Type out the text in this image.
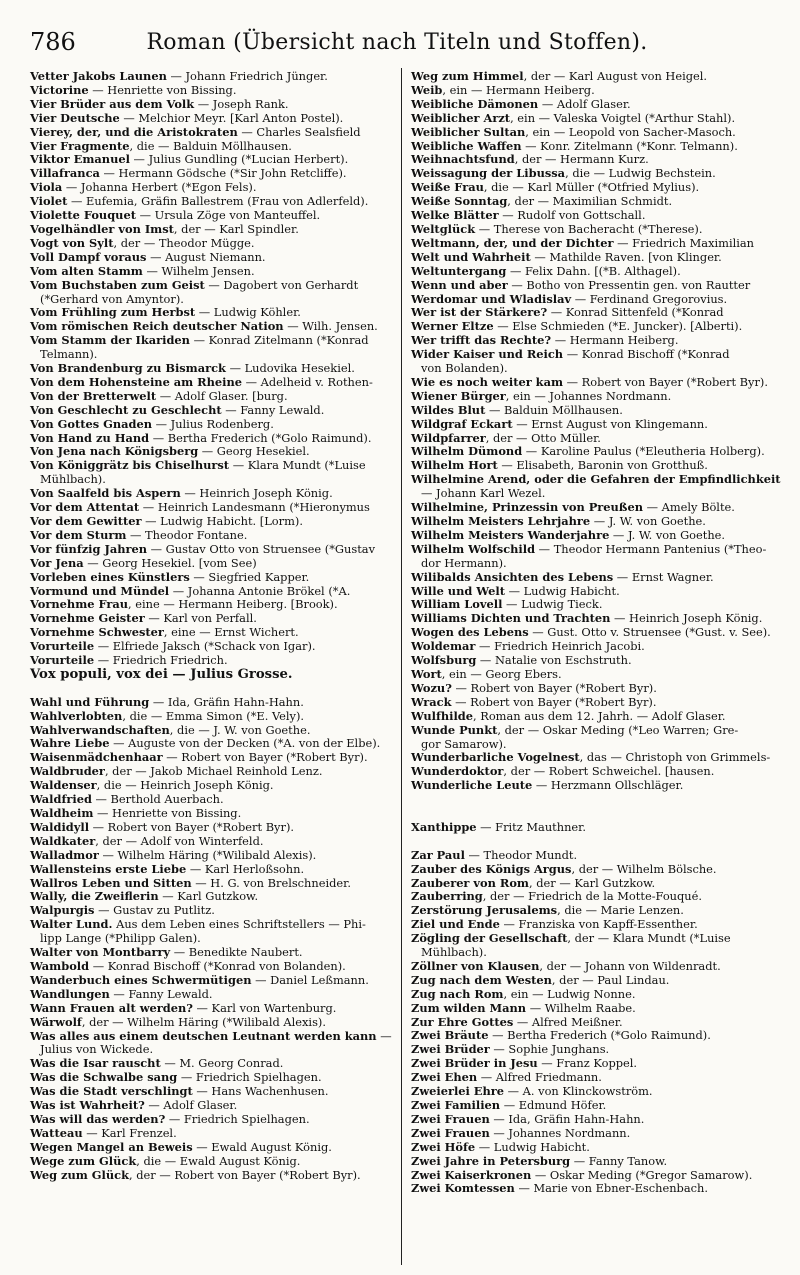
786	Roman (Übersicht nach Titeln und Stoffen).
Vetter Jakobs Launen — Johann Friedrich Jünger.
Victorine — Henriette von Bissing.
Vier Brüder aus dem Volk — Joseph Rank.
Vier Deutsche — Melchior Meyr. [Karl Anton Postel).
Vierey, der, und die Aristokraten — Charles Sealsfield
Vier Fragmente, die — Balduin Möllhausen.
Viktor Emanuel — Julius Gundling (*Lucian Herbert).
Villafranca — Hermann Gödsche (*Sir John Retcliffe).
Viola — Johanna Herbert (*Egon Fels).
Violet — Eufemia, Gräfin Ballestrem (Frau von Adlerfeld).
Violette Fouquet — Ursula Zöge von Manteuffel.
Vogelhändler von Imst, der — Karl Spindler.
Vogt von Sylt, der — Theodor Mügge.
Voll Dampf voraus — August Niemann.
Vom alten Stamm — Wilhelm Jensen.
Vom Buchstaben zum Geist — Dagobert von Gerhardt
(*Gerhard von Amyntor).
Vom Frühling zum Herbst — Ludwig Köhler.
Vom römischen Reich deutscher Nation — Wilh. Jensen.
Vom Stamm der Ikariden — Konrad Zitelmann (*Konrad
Telmann).
Von Brandenburg zu Bismarck — Ludovika Hesekiel.
Von dem Hohensteine am Rheine — Adelheid v. Rothen-
Von der Bretterwelt — Adolf Glaser. [burg.
Von Geschlecht zu Geschlecht — Fanny Lewald.
Von Gottes Gnaden — Julius Rodenberg.
Von Hand zu Hand — Bertha Frederich (*Golo Raimund).
Von Jena nach Königsberg — Georg Hesekiel.
Von Königgrätz bis Chiselhurst — Klara Mundt (*Luise
Mühlbach).
Von Saalfeld bis Aspern — Heinrich Joseph König.
Vor dem Attentat — Heinrich Landesmann (*Hieronymus
Vor dem Gewitter — Ludwig Habicht. [Lorm).
Vor dem Sturm — Theodor Fontane.
Vor fünfzig Jahren — Gustav Otto von Struensee (*Gustav
Vor Jena — Georg Hesekiel. [vom See)
Vorleben eines Künstlers — Siegfried Kapper.
Vormund und Mündel — Johanna Antonie Brökel (*A.
Vornehme Frau, eine — Hermann Heiberg. [Brook).
Vornehme Geister — Karl von Perfall.
Vornehme Schwester, eine — Ernst Wichert.
Vorurteile — Elfriede Jaksch (*Schack von Igar).
Vorurteile — Friedrich Friedrich.
Vox populi, vox dei — Julius Grosse.
Wahl und Führung — Ida, Gräfin Hahn-Hahn.
Wahlverlobten, die — Emma Simon (*E. Vely).
Wahlverwandschaften, die — J. W. von Goethe.
Wahre Liebe — Auguste von der Decken (*A. von der Elbe).
Waisenmädchenhaar — Robert von Bayer (*Robert Byr).
Waldbruder, der — Jakob Michael Reinhold Lenz.
Waldenser, die — Heinrich Joseph König.
Waldfried — Berthold Auerbach.
Waldheim — Henriette von Bissing.
Waldidyll — Robert von Bayer (*Robert Byr).
Waldkater, der — Adolf von Winterfeld.
Walladmor — Wilhelm Häring (*Wilibald Alexis).
Wallensteins erste Liebe — Karl Herloßsohn.
Wallros Leben und Sitten — H. G. von Brelschneider.
Wally, die Zweiflerin — Karl Gutzkow.
Walpurgis — Gustav zu Putlitz.
Walter Lund. Aus dem Leben eines Schriftstellers — Phi-
lipp Lange (*Philipp Galen).
Walter von Montbarry — Benedikte Naubert.
Wambold — Konrad Bischoff (*Konrad von Bolanden).
Wanderbuch eines Schwermütigen — Daniel Leßmann.
Wandlungen — Fanny Lewald.
Wann Frauen alt werden? — Karl von Wartenburg.
Wärwolf, der — Wilhelm Häring (*Wilibald Alexis).
Was alles aus einem deutschen Leutnant werden kann —
Julius von Wickede.
Was die Isar rauscht — M. Georg Conrad.
Was die Schwalbe sang — Friedrich Spielhagen.
Was die Stadt verschlingt — Hans Wachenhusen.
Was ist Wahrheit? — Adolf Glaser.
Was will das werden? — Friedrich Spielhagen.
Watteau — Karl Frenzel.
Wegen Mangel an Beweis — Ewald August König.
Wege zum Glück, die — Ewald August König.
Weg zum Glück, der — Robert von Bayer (*Robert Byr).
Weg zum Himmel, der — Karl August von Heigel.
Weib, ein — Hermann Heiberg.
Weibliche Dämonen — Adolf Glaser.
Weiblicher Arzt, ein — Valeska Voigtel (*Arthur Stahl).
Weiblicher Sultan, ein — Leopold von Sacher-Masoch.
Weibliche Waffen — Konr. Zitelmann (*Konr. Telmann).
Weihnachtsfund, der — Hermann Kurz.
Weissagung der Libussa, die — Ludwig Bechstein.
Weiße Frau, die — Karl Müller (*Otfried Mylius).
Weiße Sonntag, der — Maximilian Schmidt.
Welke Blätter — Rudolf von Gottschall.
Weltglück — Therese von Bacheracht (*Therese).
Weltmann, der, und der Dichter — Friedrich Maximilian
Welt und Wahrheit — Mathilde Raven. [von Klinger.
Weltuntergang — Felix Dahn. [(*B. Althagel).
Wenn und aber — Botho von Pressentin gen. von Rautter
Werdomar und Wladislav — Ferdinand Gregorovius.
Wer ist der Stärkere? — Konrad Sittenfeld (*Konrad
Werner Eltze — Else Schmieden (*E. Juncker). [Alberti).
Wer trifft das Rechte? — Hermann Heiberg.
Wider Kaiser und Reich — Konrad Bischoff (*Konrad
von Bolanden).
Wie es noch weiter kam — Robert von Bayer (*Robert Byr).
Wiener Bürger, ein — Johannes Nordmann.
Wildes Blut — Balduin Möllhausen.
Wildgraf Eckart — Ernst August von Klingemann.
Wildpfarrer, der — Otto Müller.
Wilhelm Dümond — Karoline Paulus (*Eleutheria Holberg).
Wilhelm Hort — Elisabeth, Baronin von Grotthuß.
Wilhelmine Arend, oder die Gefahren der Empfindlichkeit
— Johann Karl Wezel.
Wilhelmine, Prinzessin von Preußen — Amely Bölte.
Wilhelm Meisters Lehrjahre — J. W. von Goethe.
Wilhelm Meisters Wanderjahre — J. W. von Goethe.
Wilhelm Wolfschild — Theodor Hermann Pantenius (*Theo-
dor Hermann).
Wilibalds Ansichten des Lebens — Ernst Wagner.
Wille und Welt — Ludwig Habicht.
William Lovell — Ludwig Tieck.
Williams Dichten und Trachten — Heinrich Joseph König.
Wogen des Lebens — Gust. Otto v. Struensee (*Gust. v. See).
Woldemar — Friedrich Heinrich Jacobi.
Wolfsburg — Natalie von Eschstruth.
Wort, ein — Georg Ebers.
Wozu? — Robert von Bayer (*Robert Byr).
Wrack — Robert von Bayer (*Robert Byr).
Wulfhilde, Roman aus dem 12. Jahrh. — Adolf Glaser.
Wunde Punkt, der — Oskar Meding (*Leo Warren; Gre-
gor Samarow).
Wunderbarliche Vogelnest, das — Christoph von Grimmels-
Wunderdoktor, der — Robert Schweichel. [hausen.
Wunderliche Leute — Herzmann Ollschläger.
Xanthippe — Fritz Mauthner.
Zar Paul — Theodor Mundt.
Zauber des Königs Argus, der — Wilhelm Bölsche.
Zauberer von Rom, der — Karl Gutzkow.
Zauberring, der — Friedrich de la Motte-Fouqué.
Zerstörung Jerusalems, die — Marie Lenzen.
Ziel und Ende — Franziska von Kapff-Essenther.
Zögling der Gesellschaft, der — Klara Mundt (*Luise
Mühlbach).
Zöllner von Klausen, der — Johann von Wildenradt.
Zug nach dem Westen, der — Paul Lindau.
Zug nach Rom, ein — Ludwig Nonne.
Zum wilden Mann — Wilhelm Raabe.
Zur Ehre Gottes — Alfred Meißner.
Zwei Bräute — Bertha Frederich (*Golo Raimund).
Zwei Brüder — Sophie Junghans.
Zwei Brüder in Jesu — Franz Koppel.
Zwei Ehen — Alfred Friedmann.
Zweierlei Ehre — A. von Klinckowström.
Zwei Familien — Edmund Höfer.
Zwei Frauen — Ida, Gräfin Hahn-Hahn.
Zwei Frauen — Johannes Nordmann.
Zwei Höfe — Ludwig Habicht.
Zwei Jahre in Petersburg — Fanny Tanow.
Zwei Kaiserkronen — Oskar Meding (*Gregor Samarow).
Zwei Komtessen — Marie von Ebner-Eschenbach.
